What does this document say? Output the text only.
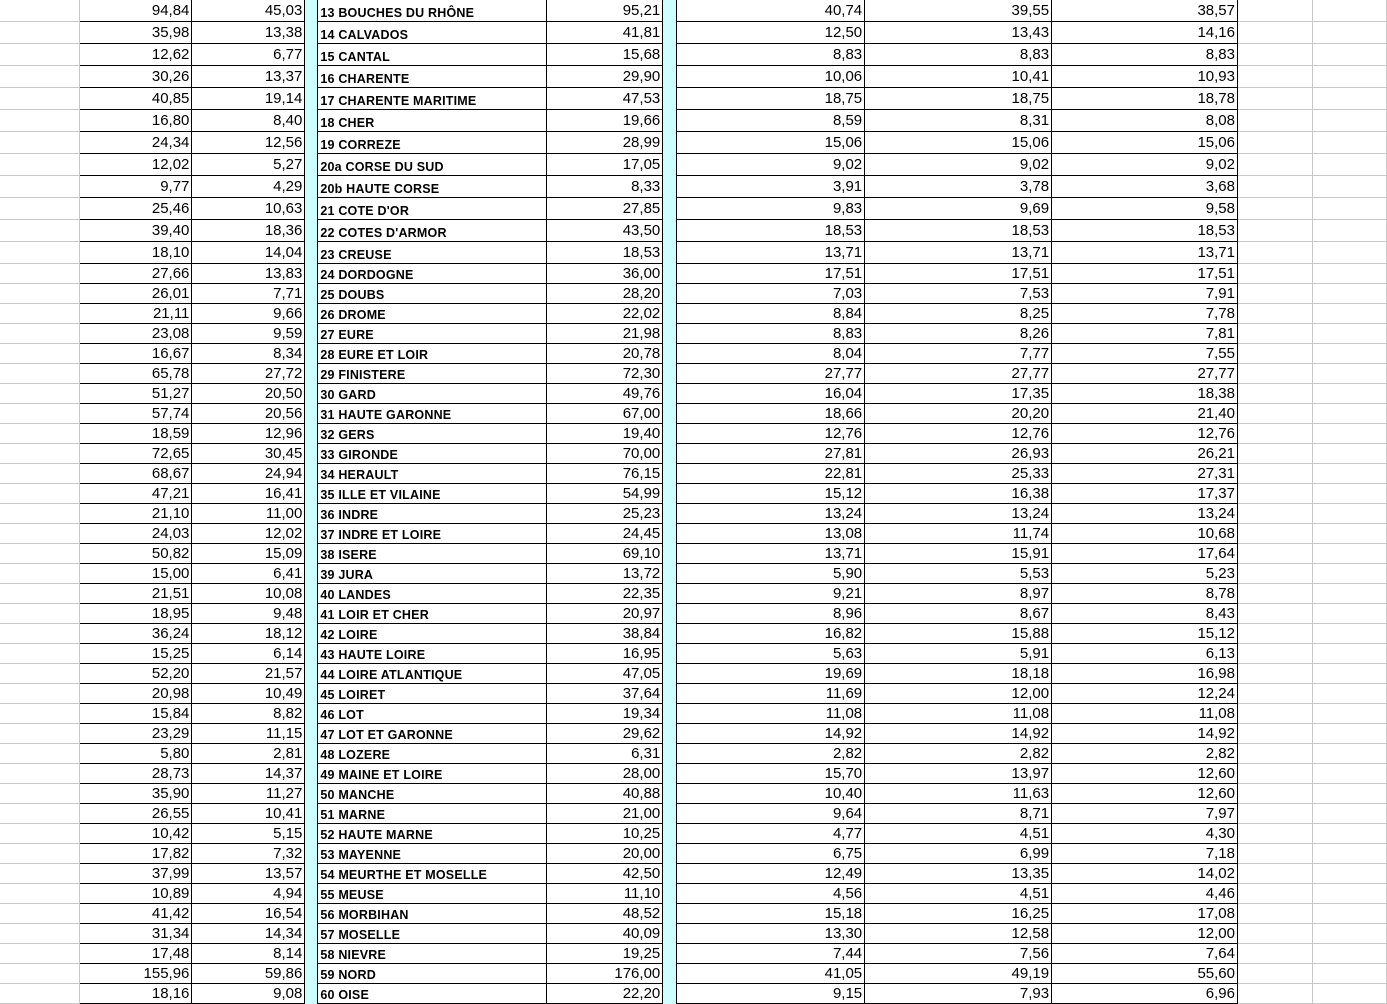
	94,84	45,03		13 BOUCHES DU RHÔNE	95,21		40,74	39,55	38,57		
	35,98	13,38		14 CALVADOS	41,81		12,50	13,43	14,16		
	12,62	6,77		15 CANTAL	15,68		8,83	8,83	8,83		
	30,26	13,37		16 CHARENTE	29,90		10,06	10,41	10,93		
	40,85	19,14		17 CHARENTE MARITIME	47,53		18,75	18,75	18,78		
	16,80	8,40		18 CHER	19,66		8,59	8,31	8,08		
	24,34	12,56		19 CORREZE	28,99		15,06	15,06	15,06		
	12,02	5,27		20a CORSE DU SUD	17,05		9,02	9,02	9,02		
	9,77	4,29		20b HAUTE CORSE	8,33		3,91	3,78	3,68		
	25,46	10,63		21 COTE D'OR	27,85		9,83	9,69	9,58		
	39,40	18,36		22 COTES D'ARMOR	43,50		18,53	18,53	18,53		
	18,10	14,04		23 CREUSE	18,53		13,71	13,71	13,71		
	27,66	13,83		24 DORDOGNE	36,00		17,51	17,51	17,51		
	26,01	7,71		25 DOUBS	28,20		7,03	7,53	7,91		
	21,11	9,66		26 DROME	22,02		8,84	8,25	7,78		
	23,08	9,59		27 EURE	21,98		8,83	8,26	7,81		
	16,67	8,34		28 EURE ET LOIR	20,78		8,04	7,77	7,55		
	65,78	27,72		29 FINISTERE	72,30		27,77	27,77	27,77		
	51,27	20,50		30 GARD	49,76		16,04	17,35	18,38		
	57,74	20,56		31 HAUTE GARONNE	67,00		18,66	20,20	21,40		
	18,59	12,96		32 GERS	19,40		12,76	12,76	12,76		
	72,65	30,45		33 GIRONDE	70,00		27,81	26,93	26,21		
	68,67	24,94		34 HERAULT	76,15		22,81	25,33	27,31		
	47,21	16,41		35 ILLE ET VILAINE	54,99		15,12	16,38	17,37		
	21,10	11,00		36 INDRE	25,23		13,24	13,24	13,24		
	24,03	12,02		37 INDRE ET LOIRE	24,45		13,08	11,74	10,68		
	50,82	15,09		38 ISERE	69,10		13,71	15,91	17,64		
	15,00	6,41		39 JURA	13,72		5,90	5,53	5,23		
	21,51	10,08		40 LANDES	22,35		9,21	8,97	8,78		
	18,95	9,48		41 LOIR ET CHER	20,97		8,96	8,67	8,43		
	36,24	18,12		42 LOIRE	38,84		16,82	15,88	15,12		
	15,25	6,14		43 HAUTE LOIRE	16,95		5,63	5,91	6,13		
	52,20	21,57		44 LOIRE ATLANTIQUE	47,05		19,69	18,18	16,98		
	20,98	10,49		45 LOIRET	37,64		11,69	12,00	12,24		
	15,84	8,82		46 LOT	19,34		11,08	11,08	11,08		
	23,29	11,15		47 LOT ET GARONNE	29,62		14,92	14,92	14,92		
	5,80	2,81		48 LOZERE	6,31		2,82	2,82	2,82		
	28,73	14,37		49 MAINE ET LOIRE	28,00		15,70	13,97	12,60		
	35,90	11,27		50 MANCHE	40,88		10,40	11,63	12,60		
	26,55	10,41		51 MARNE	21,00		9,64	8,71	7,97		
	10,42	5,15		52 HAUTE MARNE	10,25		4,77	4,51	4,30		
	17,82	7,32		53 MAYENNE	20,00		6,75	6,99	7,18		
	37,99	13,57		54 MEURTHE ET MOSELLE	42,50		12,49	13,35	14,02		
	10,89	4,94		55 MEUSE	11,10		4,56	4,51	4,46		
	41,42	16,54		56 MORBIHAN	48,52		15,18	16,25	17,08		
	31,34	14,34		57 MOSELLE	40,09		13,30	12,58	12,00		
	17,48	8,14		58 NIEVRE	19,25		7,44	7,56	7,64		
	155,96	59,86		59 NORD	176,00		41,05	49,19	55,60		
	18,16	9,08		60 OISE	22,20		9,15	7,93	6,96		
